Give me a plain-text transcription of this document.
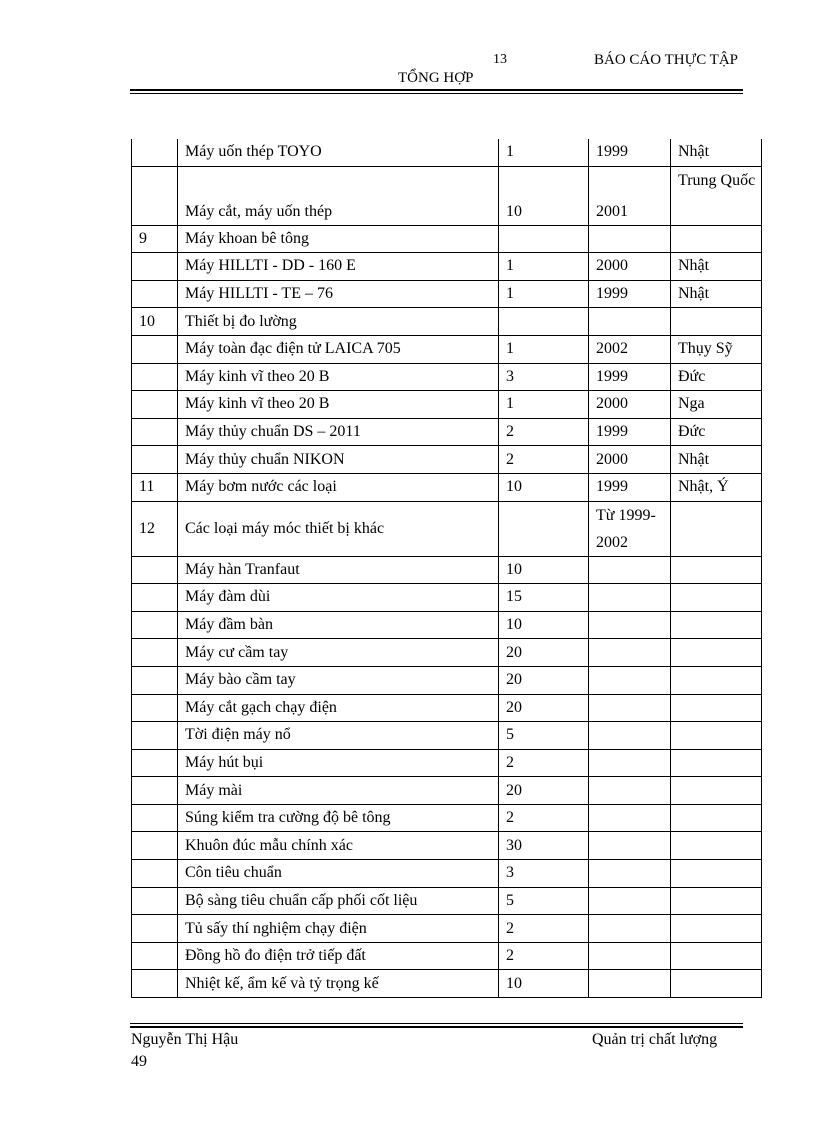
13	BÁO CÁO THỰC TẬP
TỔNG HỢP
	Máy uốn thép TOYO	1	1999	Nhật
	Máy cắt, máy uốn thép	10	2001	Trung Quốc
9	Máy khoan bê tông			
	Máy HILLTI - DD - 160 E	1	2000	Nhật
	Máy HILLTI - TE – 76	1	1999	Nhật
10	Thiết bị đo lường			
	Máy toàn đạc điện tử LAICA 705	1	2002	Thụy Sỹ
	Máy kinh vĩ theo 20 B	3	1999	Đức
	Máy kinh vĩ theo 20 B	1	2000	Nga
	Máy thủy chuẩn DS – 2011	2	1999	Đức
	Máy thủy chuẩn NIKON	2	2000	Nhật
11	Máy bơm nước các loại	10	1999	Nhật, Ý
12	Các loại máy móc thiết bị khác		Từ 1999-2002	
	Máy hàn Tranfaut	10		
	Máy đàm dùi	15		
	Máy đầm bàn	10		
	Máy cư cầm tay	20		
	Máy bào cầm tay	20		
	Máy cắt gạch chạy điện	20		
	Tời điện máy nổ	5		
	Máy hút bụi	2		
	Máy mài	20		
	Súng kiểm tra cường độ bê tông	2		
	Khuôn đúc mẫu chính xác	30		
	Côn tiêu chuẩn	3		
	Bộ sàng tiêu chuẩn cấp phối cốt liệu	5		
	Tủ sấy thí nghiệm chạy điện	2		
	Đồng hồ đo điện trở tiếp đất	2		
	Nhiệt kế, ẩm kế và tỷ trọng kế	10		
Nguyễn Thị Hậu	Quản trị chất lượng
49
